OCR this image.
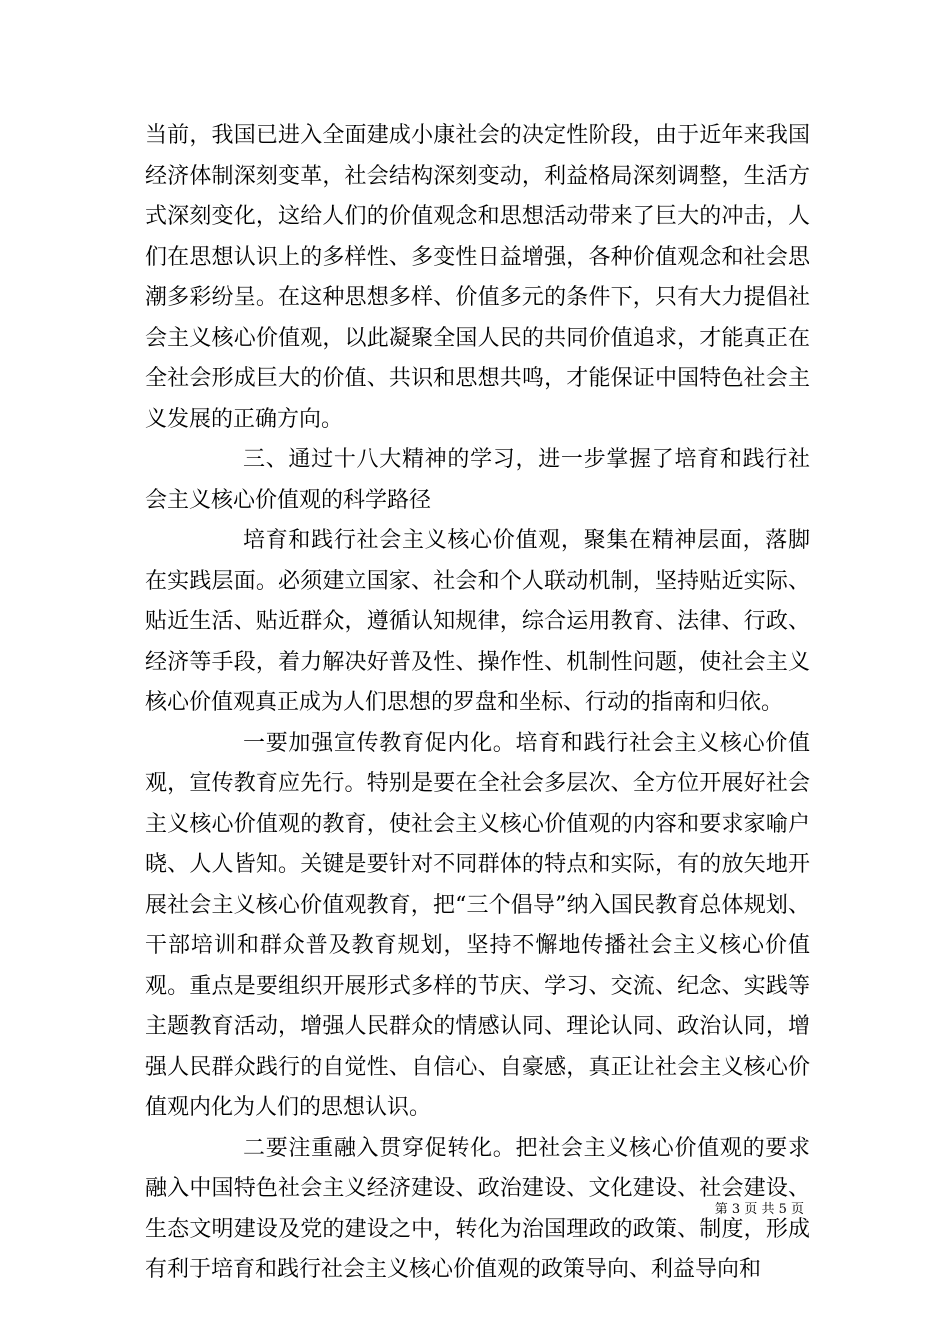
当前，我国已进入全面建成小康社会的决定性阶段，由于近年来我国经济体制深刻变革，社会结构深刻变动，利益格局深刻调整，生活方式深刻变化，这给人们的价值观念和思想活动带来了巨大的冲击，人们在思想认识上的多样性、多变性日益增强，各种价值观念和社会思潮多彩纷呈。在这种思想多样、价值多元的条件下，只有大力提倡社会主义核心价值观，以此凝聚全国人民的共同价值追求，才能真正在全社会形成巨大的价值、共识和思想共鸣，才能保证中国特色社会主义发展的正确方向。

三、通过十八大精神的学习，进一步掌握了培育和践行社会主义核心价值观的科学路径

培育和践行社会主义核心价值观，聚集在精神层面，落脚在实践层面。必须建立国家、社会和个人联动机制，坚持贴近实际、贴近生活、贴近群众，遵循认知规律，综合运用教育、法律、行政、经济等手段，着力解决好普及性、操作性、机制性问题，使社会主义核心价值观真正成为人们思想的罗盘和坐标、行动的指南和归依。

一要加强宣传教育促内化。培育和践行社会主义核心价值观，宣传教育应先行。特别是要在全社会多层次、全方位开展好社会主义核心价值观的教育，使社会主义核心价值观的内容和要求家喻户晓、人人皆知。关键是要针对不同群体的特点和实际，有的放矢地开展社会主义核心价值观教育，把“三个倡导”纳入国民教育总体规划、干部培训和群众普及教育规划，坚持不懈地传播社会主义核心价值观。重点是要组织开展形式多样的节庆、学习、交流、纪念、实践等主题教育活动，增强人民群众的情感认同、理论认同、政治认同，增强人民群众践行的自觉性、自信心、自豪感，真正让社会主义核心价值观内化为人们的思想认识。

二要注重融入贯穿促转化。把社会主义核心价值观的要求融入中国特色社会主义经济建设、政治建设、文化建设、社会建设、生态文明建设及党的建设之中，转化为治国理政的政策、制度，形成有利于培育和践行社会主义核心价值观的政策导向、利益导向和

第 3 页 共 5 页
